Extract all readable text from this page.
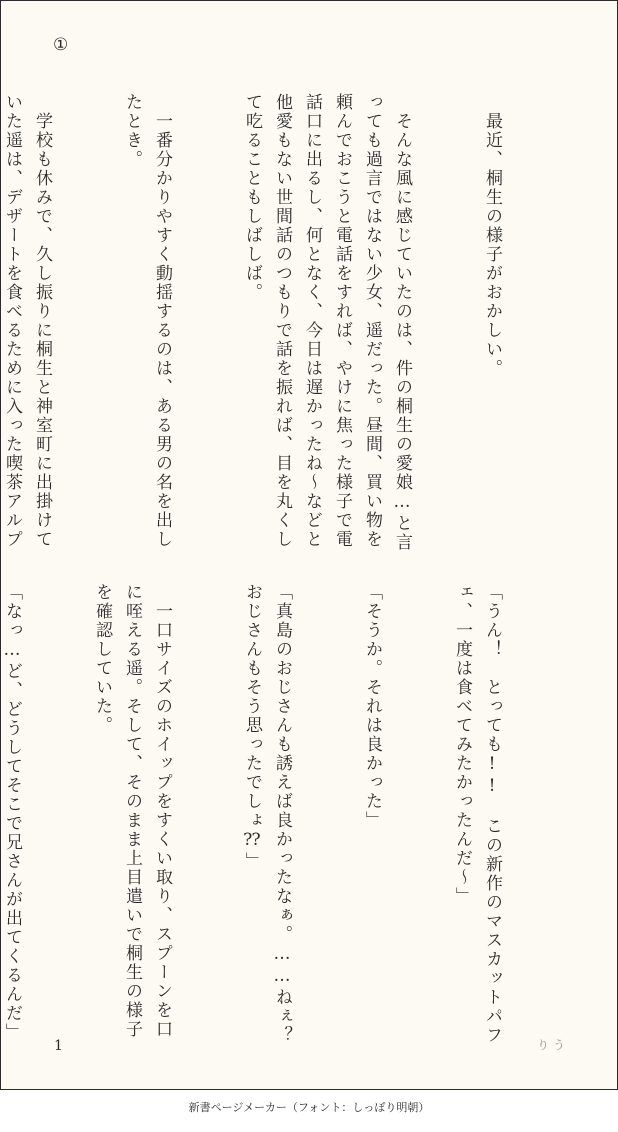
①

　最近、桐生の様子がおかしい。

　そんな風に感じていたのは、件の桐生の愛娘…と言っても過言ではない少女、遥だった。昼間、買い物を頼んでおこうと電話をすれば、やけに焦った様子で電話口に出るし、何となく、今日は遅かったね〜などと他愛もない世間話のつもりで話を振れば、目を丸くして吃ることもしばしば。

　一番分かりやすく動揺するのは、ある男の名を出したとき。

　学校も休みで、久し振りに桐生と神室町に出掛けていた遥は、デザートを食べるために入った喫茶アルプ

「うん！　とっても!!　この新作のマスカットパフェ、一度は食べてみたかったんだ〜」

「そうか。それは良かった」

「真島のおじさんも誘えば良かったなぁ。……ねぇ？　おじさんもそう思ったでしょ⁇」

　一口サイズのホイップをすくい取り、スプーンを口に咥える遥。そして、そのまま上目遣いで桐生の様子を確認していた。

「なっ…ど、どうしてそこで兄さんが出てくるんだ」

1	りう
新書ページメーカー（フォント：しっぽり明朝）
